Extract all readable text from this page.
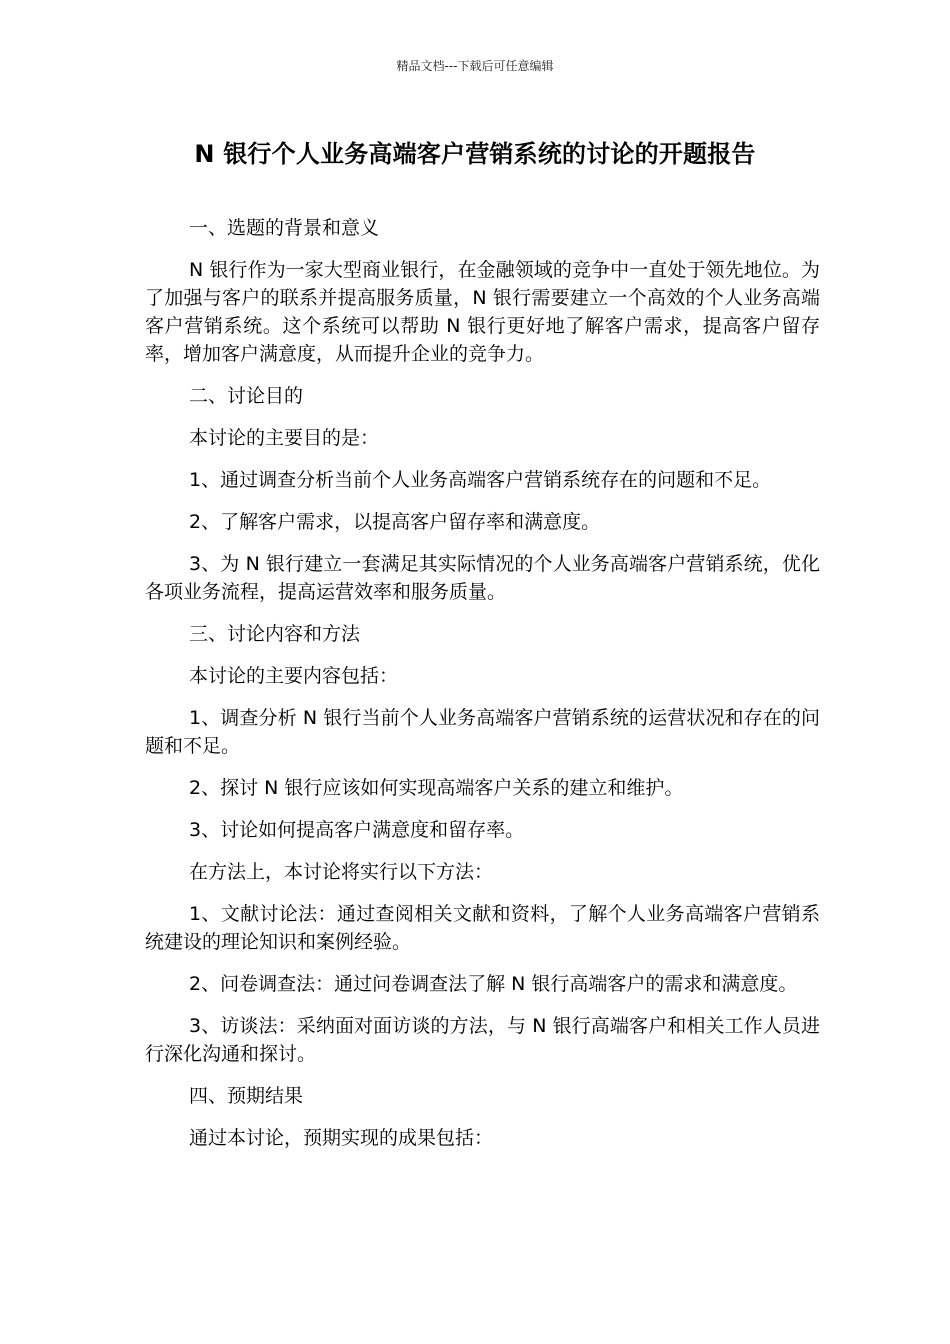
精品文档---下载后可任意编辑
N 银行个人业务高端客户营销系统的讨论的开题报告

一、选题的背景和意义

N 银行作为一家大型商业银行，在金融领域的竞争中一直处于领先地位。为了加强与客户的联系并提高服务质量，N 银行需要建立一个高效的个人业务高端客户营销系统。这个系统可以帮助 N 银行更好地了解客户需求，提高客户留存率，增加客户满意度，从而提升企业的竞争力。

二、讨论目的

本讨论的主要目的是：

1、通过调查分析当前个人业务高端客户营销系统存在的问题和不足。

2、了解客户需求，以提高客户留存率和满意度。

3、为 N 银行建立一套满足其实际情况的个人业务高端客户营销系统，优化各项业务流程，提高运营效率和服务质量。

三、讨论内容和方法

本讨论的主要内容包括：

1、调查分析 N 银行当前个人业务高端客户营销系统的运营状况和存在的问题和不足。

2、探讨 N 银行应该如何实现高端客户关系的建立和维护。

3、讨论如何提高客户满意度和留存率。

在方法上，本讨论将实行以下方法：

1、文献讨论法：通过查阅相关文献和资料，了解个人业务高端客户营销系统建设的理论知识和案例经验。

2、问卷调查法：通过问卷调查法了解 N 银行高端客户的需求和满意度。

3、访谈法：采纳面对面访谈的方法，与 N 银行高端客户和相关工作人员进行深化沟通和探讨。

四、预期结果

通过本讨论，预期实现的成果包括：
